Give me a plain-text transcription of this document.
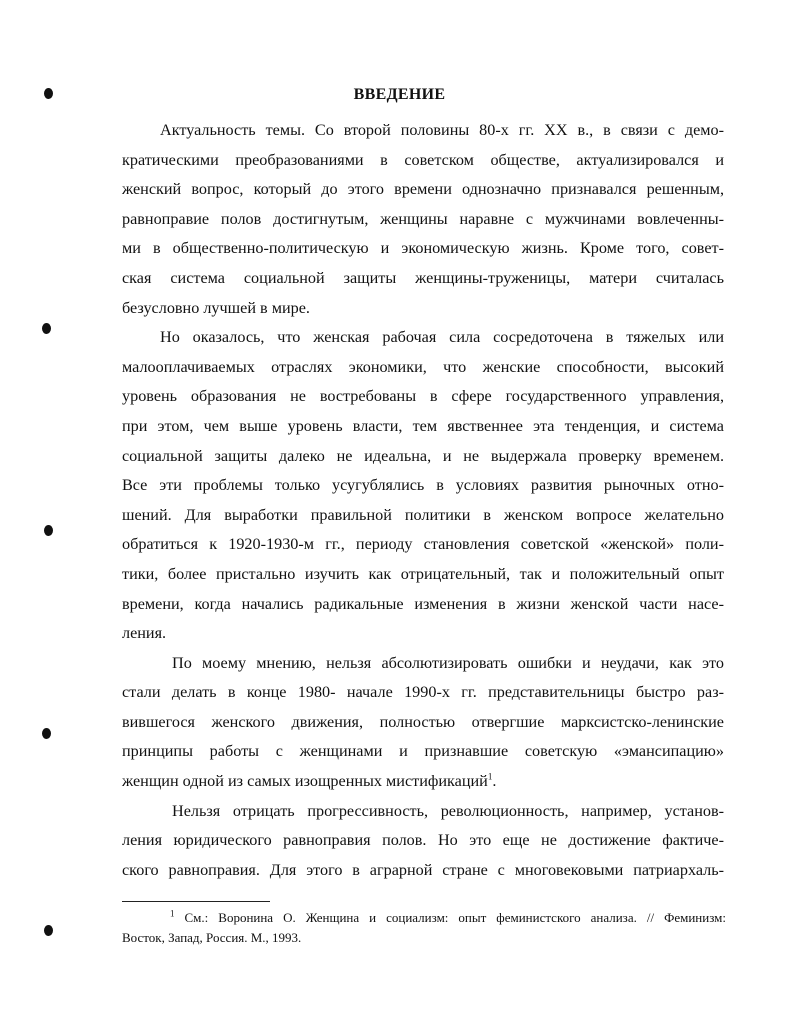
ВВЕДЕНИЕ
Актуальность темы. Со второй половины 80-х гг. XX в., в связи с демо-
кратическими преобразованиями в советском обществе, актуализировался и
женский вопрос, который до этого времени однозначно признавался решенным,
равноправие полов достигнутым, женщины наравне с мужчинами вовлеченны-
ми в общественно-политическую и экономическую жизнь. Кроме того, совет-
ская система социальной защиты женщины-труженицы, матери считалась
безусловно лучшей в мире.
Но оказалось, что женская рабочая сила сосредоточена в тяжелых или
малооплачиваемых отраслях экономики, что женские способности, высокий
уровень образования не востребованы в сфере государственного управления,
при этом, чем выше уровень власти, тем явственнее эта тенденция, и система
социальной защиты далеко не идеальна, и не выдержала проверку временем.
Все эти проблемы только усугублялись в условиях развития рыночных отно-
шений. Для выработки правильной политики в женском вопросе желательно
обратиться к 1920-1930-м гг., периоду становления советской «женской» поли-
тики, более пристально изучить как отрицательный, так и положительный опыт
времени, когда начались радикальные изменения в жизни женской части насе-
ления.
По моему мнению, нельзя абсолютизировать ошибки и неудачи, как это
стали делать в конце 1980- начале 1990-х гг. представительницы быстро раз-
вившегося женского движения, полностью отвергшие марксистско-ленинские
принципы работы с женщинами и признавшие советскую «эмансипацию»
женщин одной из самых изощренных мистификаций$^1$.
Нельзя отрицать прогрессивность, революционность, например, установ-
ления юридического равноправия полов. Но это еще не достижение фактиче-
ского равноправия. Для этого в аграрной стране с многовековыми патриархаль-
$^1$ См.: Воронина О. Женщина и социализм: опыт феминистского анализа. // Феминизм:
Восток, Запад, Россия. М., 1993.
